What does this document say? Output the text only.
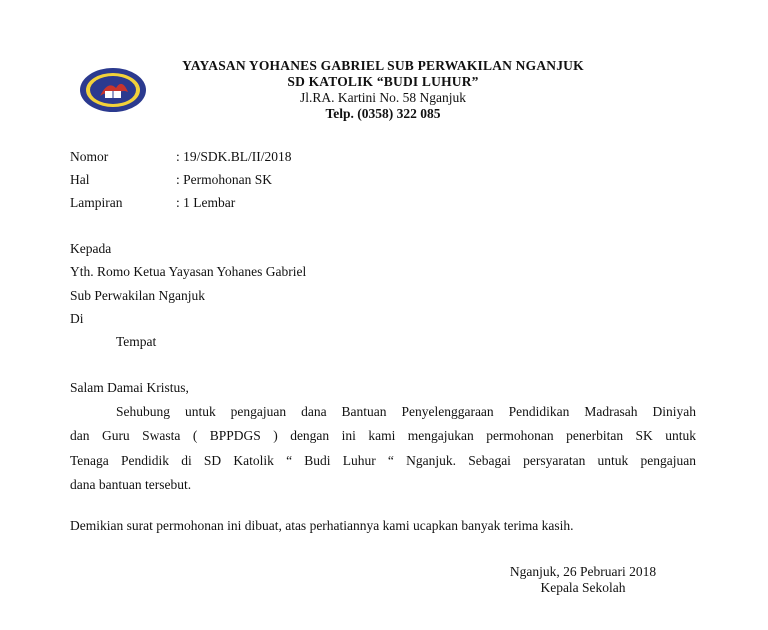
YAYASAN YOHANES GABRIEL SUB PERWAKILAN NGANJUK
SD KATOLIK “BUDI LUHUR”
Jl.RA. Kartini No. 58 Nganjuk
Telp. (0358) 322 085
Nomor	: 19/SDK.BL/II/2018
Hal	: Permohonan SK
Lampiran	: 1 Lembar
Kepada
Yth. Romo Ketua Yayasan Yohanes Gabriel
Sub Perwakilan Nganjuk
Di
Tempat
Salam Damai Kristus,
Sehubung untuk pengajuan dana Bantuan Penyelenggaraan Pendidikan Madrasah Diniyah
dan Guru Swasta ( BPPDGS ) dengan ini kami mengajukan permohonan penerbitan SK untuk
Tenaga Pendidik di SD Katolik “ Budi Luhur “ Nganjuk. Sebagai persyaratan untuk pengajuan
dana bantuan tersebut.
Demikian surat permohonan ini dibuat, atas perhatiannya kami ucapkan banyak terima kasih.
Nganjuk, 26 Pebruari 2018
Kepala Sekolah
